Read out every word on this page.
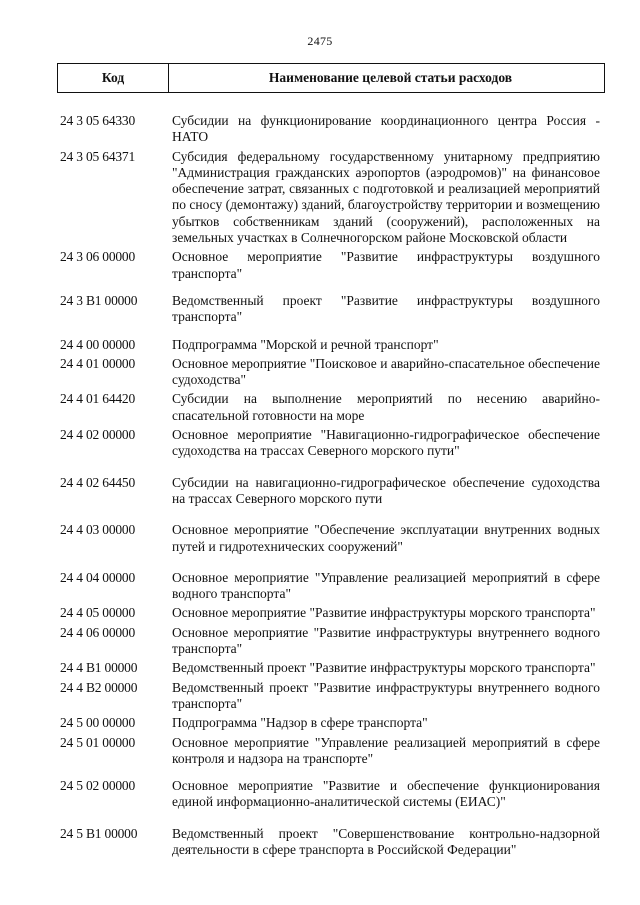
2475
Код	Наименование целевой статьи расходов
24 3 05 64330	Субсидии на функционирование координационного центра Россия - НАТО
24 3 05 64371	Субсидия федеральному государственному унитарному предприятию "Администрация гражданских аэропортов (аэродромов)" на финансовое обеспечение затрат, связанных с подготовкой и реализацией мероприятий по сносу (демонтажу) зданий, благоустройству территории и возмещению убытков собственникам зданий (сооружений), расположенных на земельных участках в Солнечногорском районе Московской области
24 3 06 00000	Основное мероприятие "Развитие инфраструктуры воздушного транспорта"
24 3 В1 00000	Ведомственный проект "Развитие инфраструктуры воздушного транспорта"
24 4 00 00000	Подпрограмма "Морской и речной транспорт"
24 4 01 00000	Основное мероприятие "Поисковое и аварийно-спасательное обеспечение судоходства"
24 4 01 64420	Субсидии на выполнение мероприятий по несению аварийно-спасательной готовности на море
24 4 02 00000	Основное мероприятие "Навигационно-гидрографическое обеспечение судоходства на трассах Северного морского пути"
24 4 02 64450	Субсидии на навигационно-гидрографическое обеспечение судоходства на трассах Северного морского пути
24 4 03 00000	Основное мероприятие "Обеспечение эксплуатации внутренних водных путей и гидротехнических сооружений"
24 4 04 00000	Основное мероприятие "Управление реализацией мероприятий в сфере водного транспорта"
24 4 05 00000	Основное мероприятие "Развитие инфраструктуры морского транспорта"
24 4 06 00000	Основное мероприятие "Развитие инфраструктуры внутреннего водного транспорта"
24 4 В1 00000	Ведомственный проект "Развитие инфраструктуры морского транспорта"
24 4 В2 00000	Ведомственный проект "Развитие инфраструктуры внутреннего водного транспорта"
24 5 00 00000	Подпрограмма "Надзор в сфере транспорта"
24 5 01 00000	Основное мероприятие "Управление реализацией мероприятий в сфере контроля и надзора на транспорте"
24 5 02 00000	Основное мероприятие "Развитие и обеспечение функционирования единой информационно-аналитической системы (ЕИАС)"
24 5 В1 00000	Ведомственный проект "Совершенствование контрольно-надзорной деятельности в сфере транспорта в Российской Федерации"
